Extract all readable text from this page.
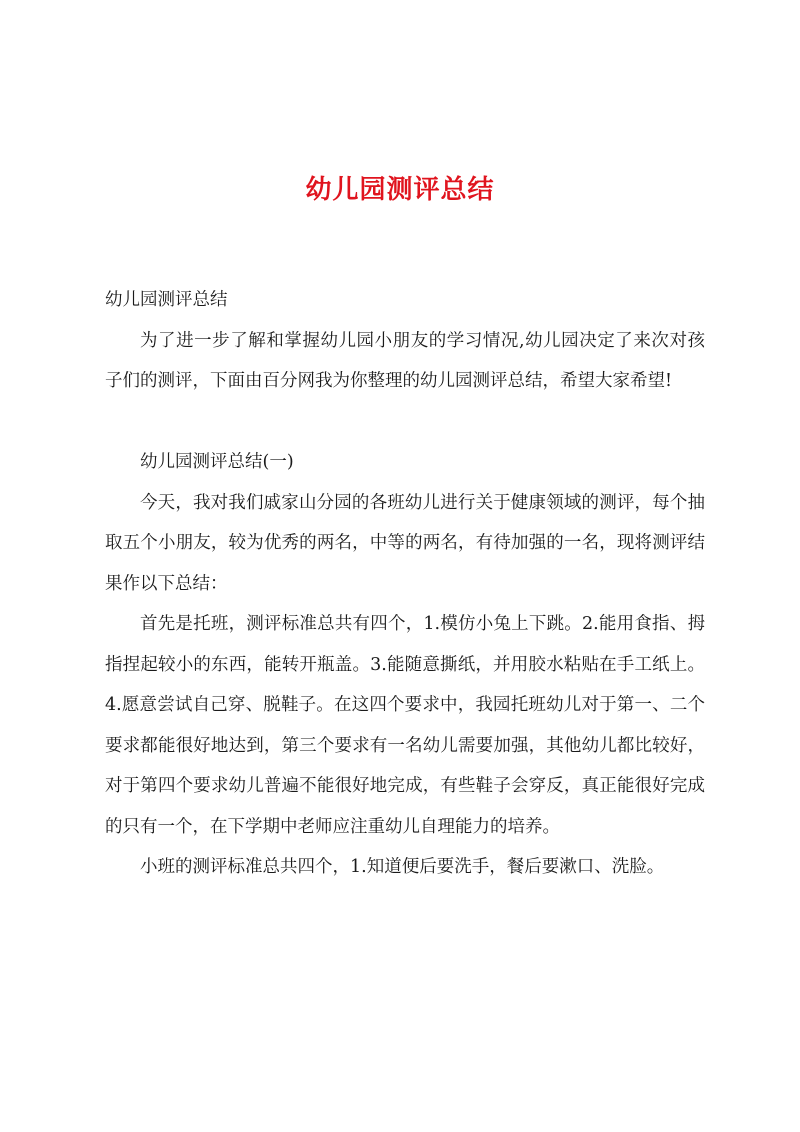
幼儿园测评总结

幼儿园测评总结

为了进一步了解和掌握幼儿园小朋友的学习情况,幼儿园决定了来次对孩子们的测评，下面由百分网我为你整理的幼儿园测评总结，希望大家希望!

幼儿园测评总结(一)

今天，我对我们戚家山分园的各班幼儿进行关于健康领域的测评，每个抽取五个小朋友，较为优秀的两名，中等的两名，有待加强的一名，现将测评结果作以下总结：

首先是托班，测评标准总共有四个，1.模仿小兔上下跳。2.能用食指、拇指捏起较小的东西，能转开瓶盖。3.能随意撕纸，并用胶水粘贴在手工纸上。4.愿意尝试自己穿、脱鞋子。在这四个要求中，我园托班幼儿对于第一、二个要求都能很好地达到，第三个要求有一名幼儿需要加强，其他幼儿都比较好，对于第四个要求幼儿普遍不能很好地完成，有些鞋子会穿反，真正能很好完成的只有一个，在下学期中老师应注重幼儿自理能力的培养。

小班的测评标准总共四个，1.知道便后要洗手，餐后要漱口、洗脸。
